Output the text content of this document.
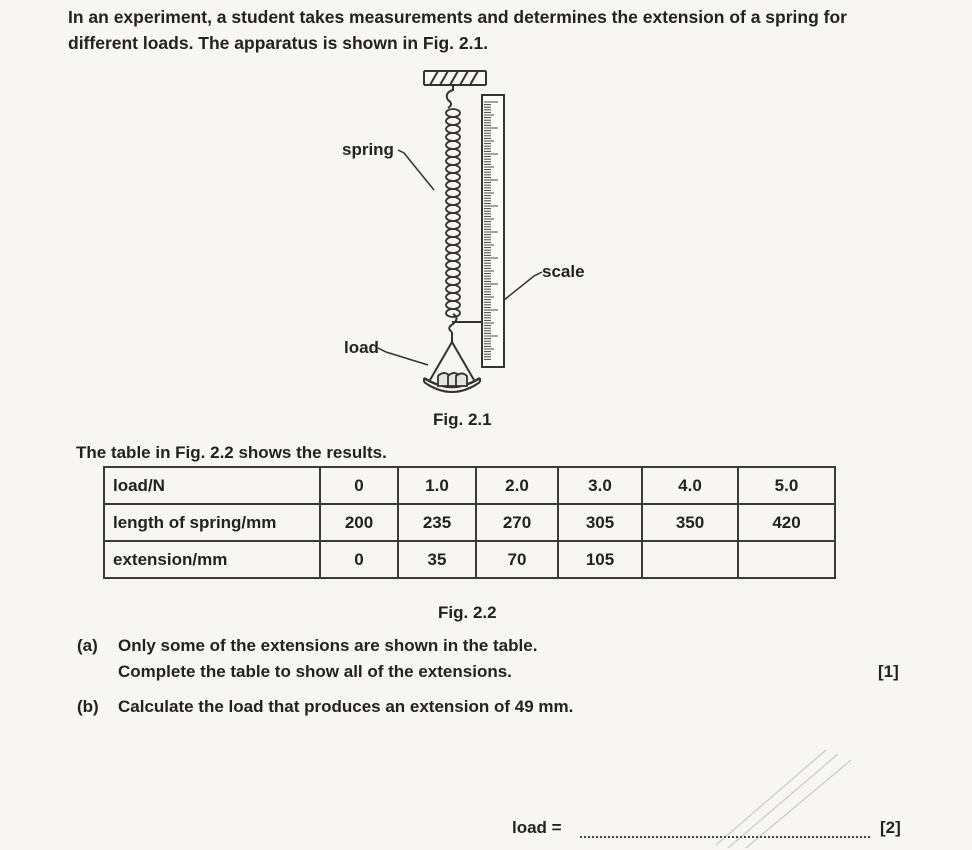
In an experiment, a student takes measurements and determines the extension of a spring for different loads. The apparatus is shown in Fig. 2.1.
spring
scale
load
Fig. 2.1
The table in Fig. 2.2 shows the results.
load/N	0	1.0	2.0	3.0	4.0	5.0
length of spring/mm	200	235	270	305	350	420
extension/mm	0	35	70	105		
Fig. 2.2
(a) Only some of the extensions are shown in the table.
Complete the table to show all of the extensions.	[1]
(b) Calculate the load that produces an extension of 49 mm.
load =	[2]
